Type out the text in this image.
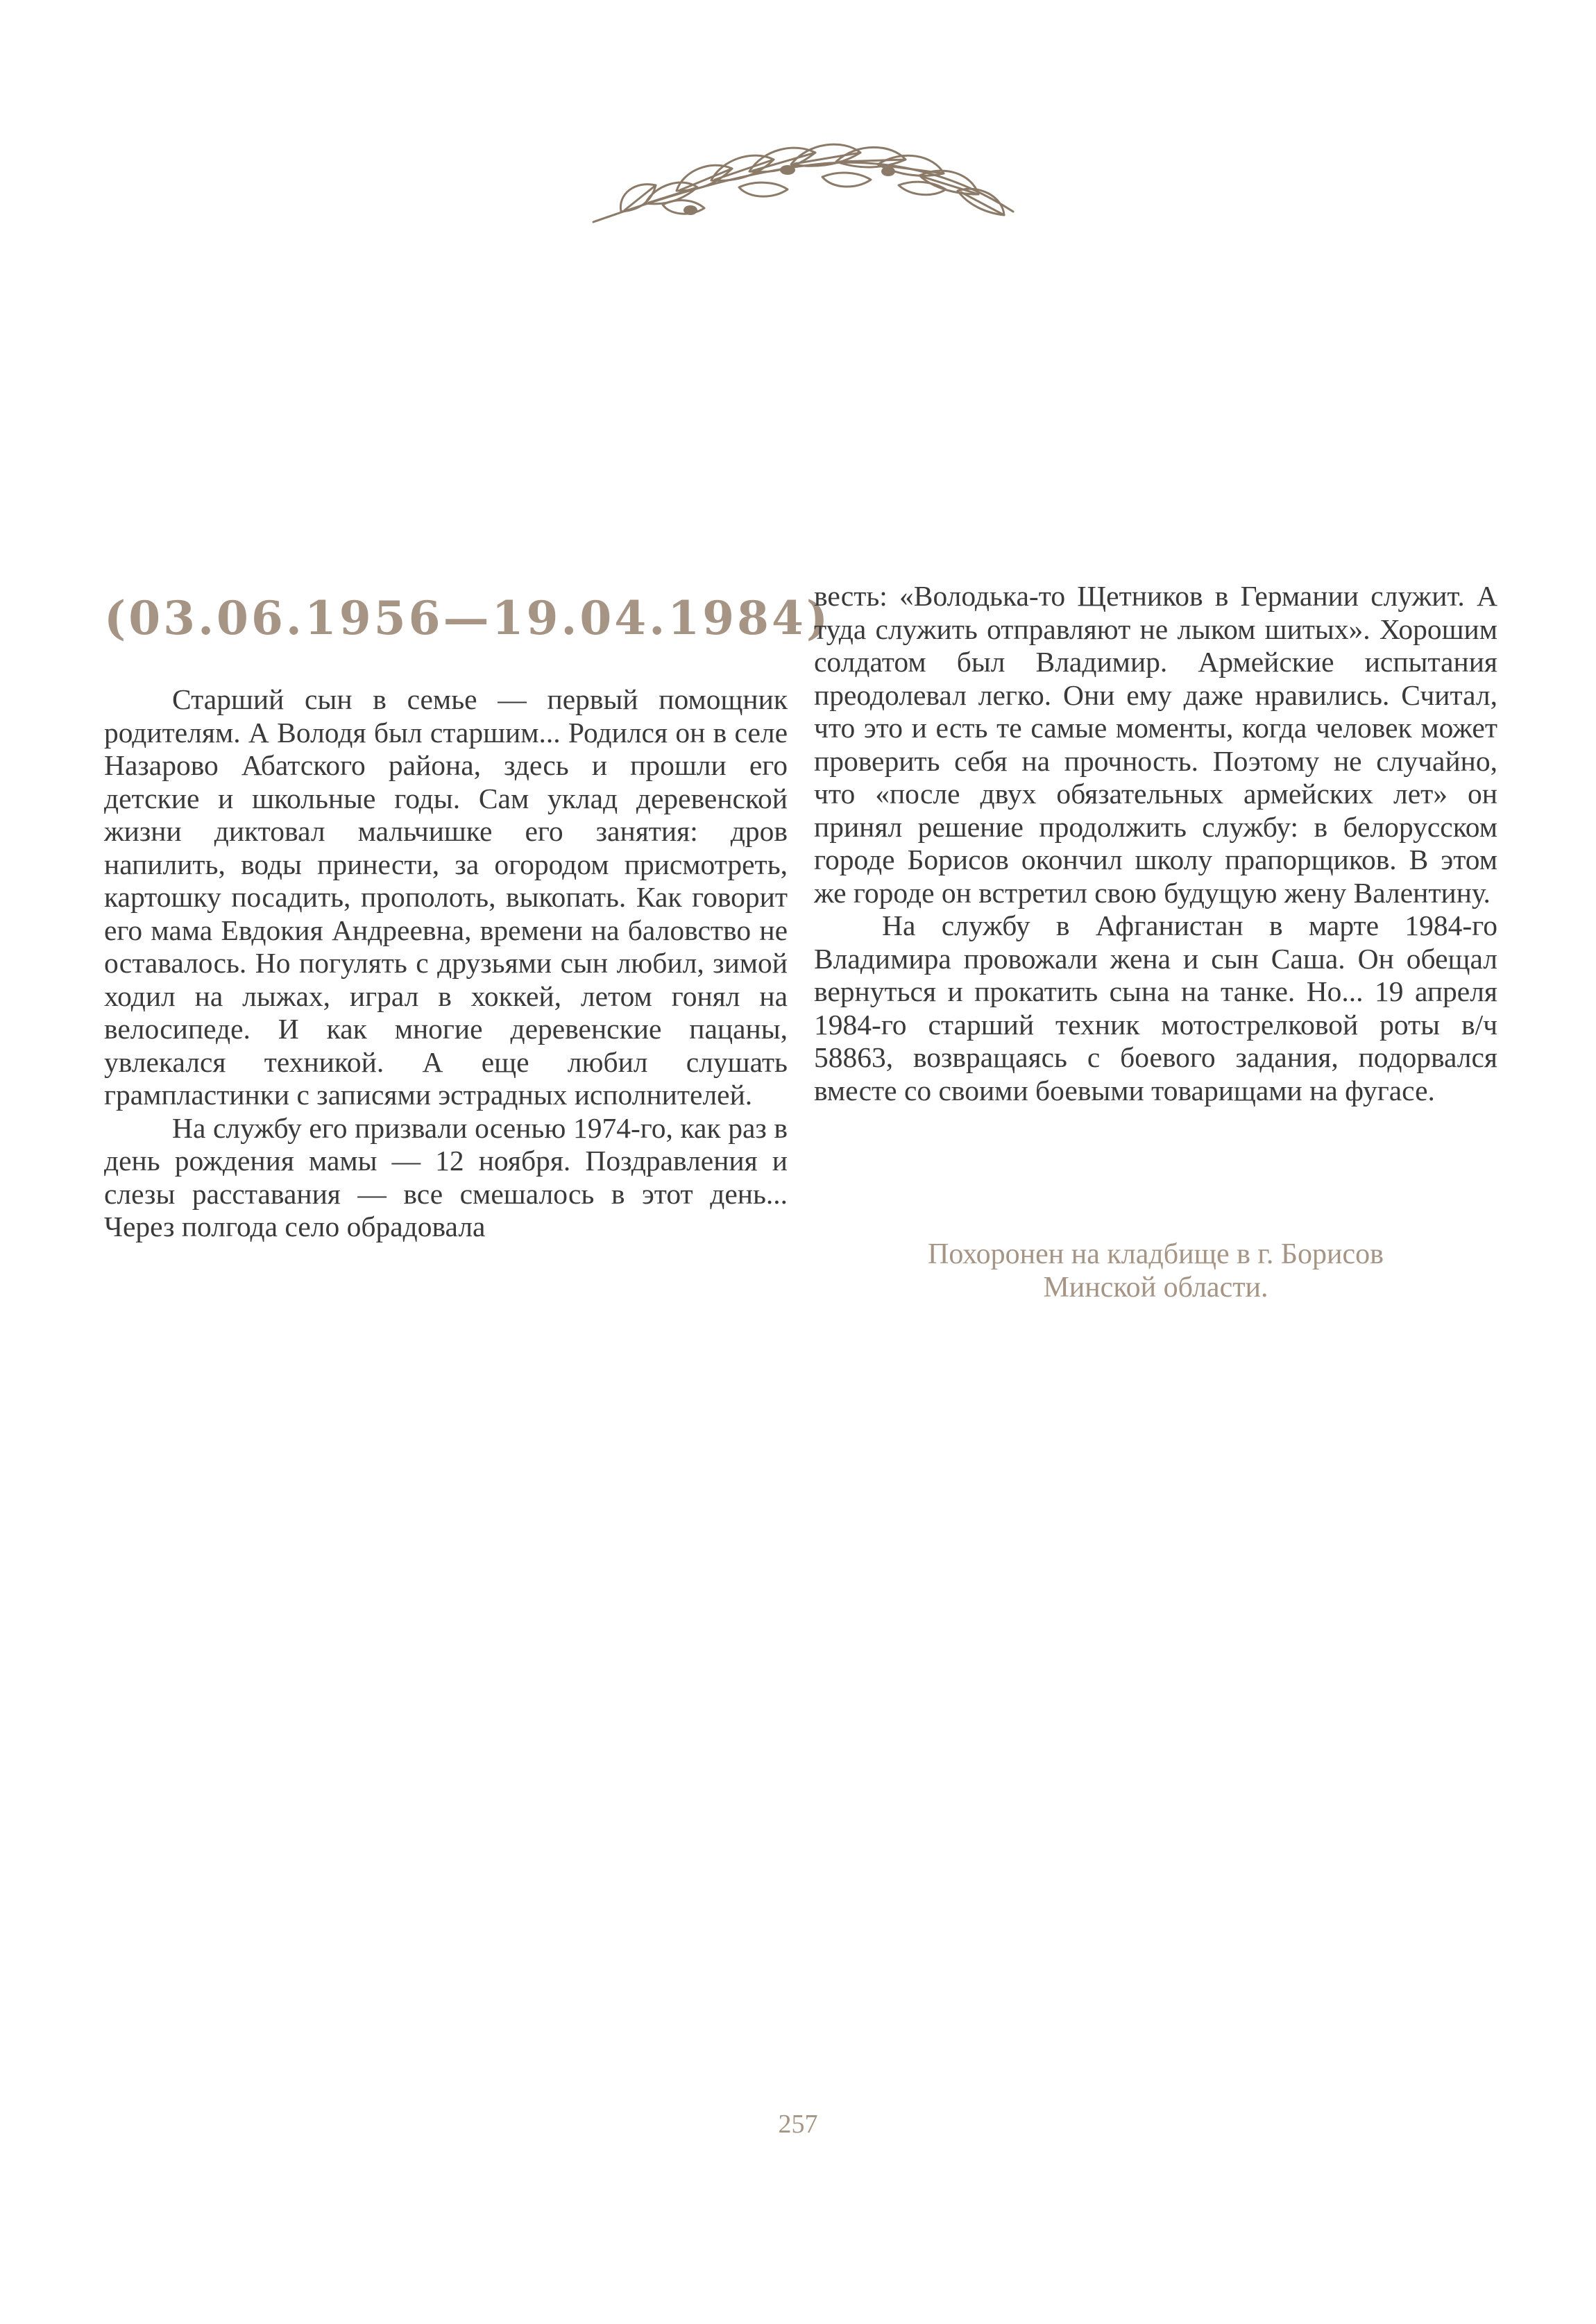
(03.06.1956—19.04.1984)

Старший сын в семье — первый помощник родителям. А Володя был старшим... Родился он в селе Назарово Абатского района, здесь и прошли его детские и школьные годы. Сам уклад деревенской жизни диктовал мальчишке его занятия: дров напилить, воды принести, за огородом присмотреть, картошку посадить, прополоть, выкопать. Как говорит его мама Евдокия Андреевна, времени на баловство не оставалось. Но погулять с друзьями сын любил, зимой ходил на лыжах, играл в хоккей, летом гонял на велосипеде. И как многие деревенские пацаны, увлекался техникой. А еще любил слушать грампластинки с записями эстрадных исполнителей.

На службу его призвали осенью 1974-го, как раз в день рождения мамы — 12 ноября. Поздравления и слезы расставания — все смешалось в этот день... Через полгода село обрадовала

весть: «Володька-то Щетников в Германии служит. А туда служить отправляют не лыком шитых». Хорошим солдатом был Владимир. Армейские испытания преодолевал легко. Они ему даже нравились. Считал, что это и есть те самые моменты, когда человек может проверить себя на прочность. Поэтому не случайно, что «после двух обязательных армейских лет» он принял решение продолжить службу: в белорусском городе Борисов окончил школу прапорщиков. В этом же городе он встретил свою будущую жену Валентину.

На службу в Афганистан в марте 1984-го Владимира провожали жена и сын Саша. Он обещал вернуться и прокатить сына на танке. Но... 19 апреля 1984-го старший техник мотострелковой роты в/ч 58863, возвращаясь с боевого задания, подорвался вместе со своими боевыми товарищами на фугасе.

Похоронен на кладбище в г. Борисов
Минской области.
257
